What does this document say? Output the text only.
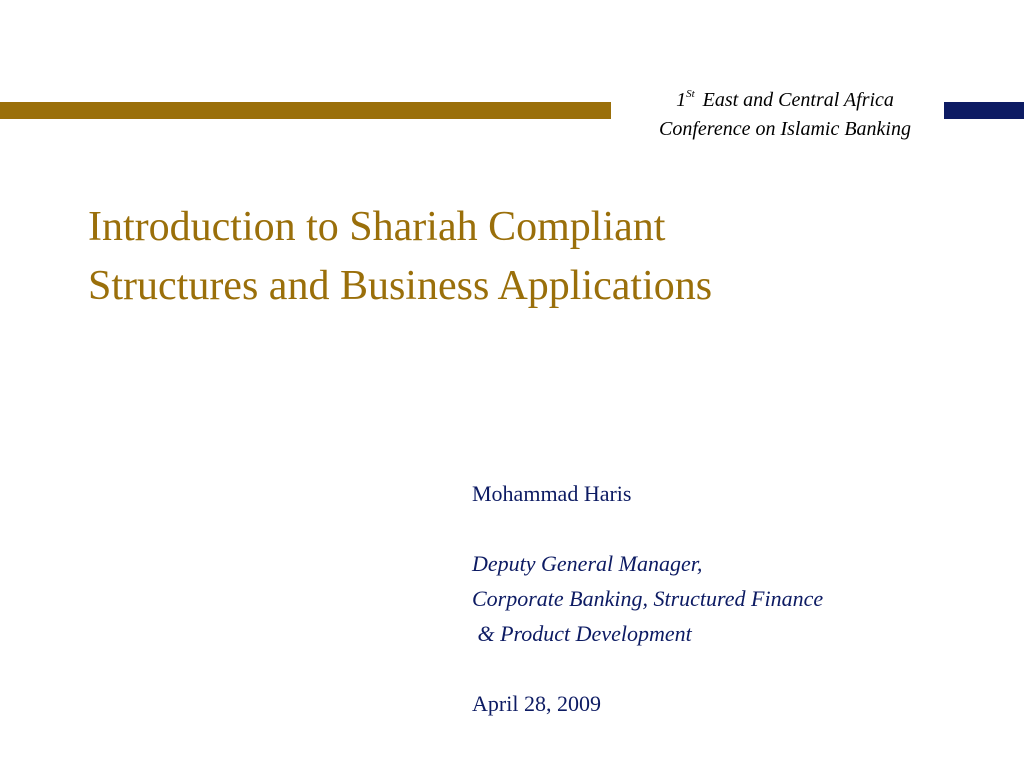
1St East and Central Africa
Conference on Islamic Banking
Introduction to Shariah Compliant
Structures and Business Applications
Mohammad Haris
Deputy General Manager,
Corporate Banking, Structured Finance
& Product Development
April 28, 2009
